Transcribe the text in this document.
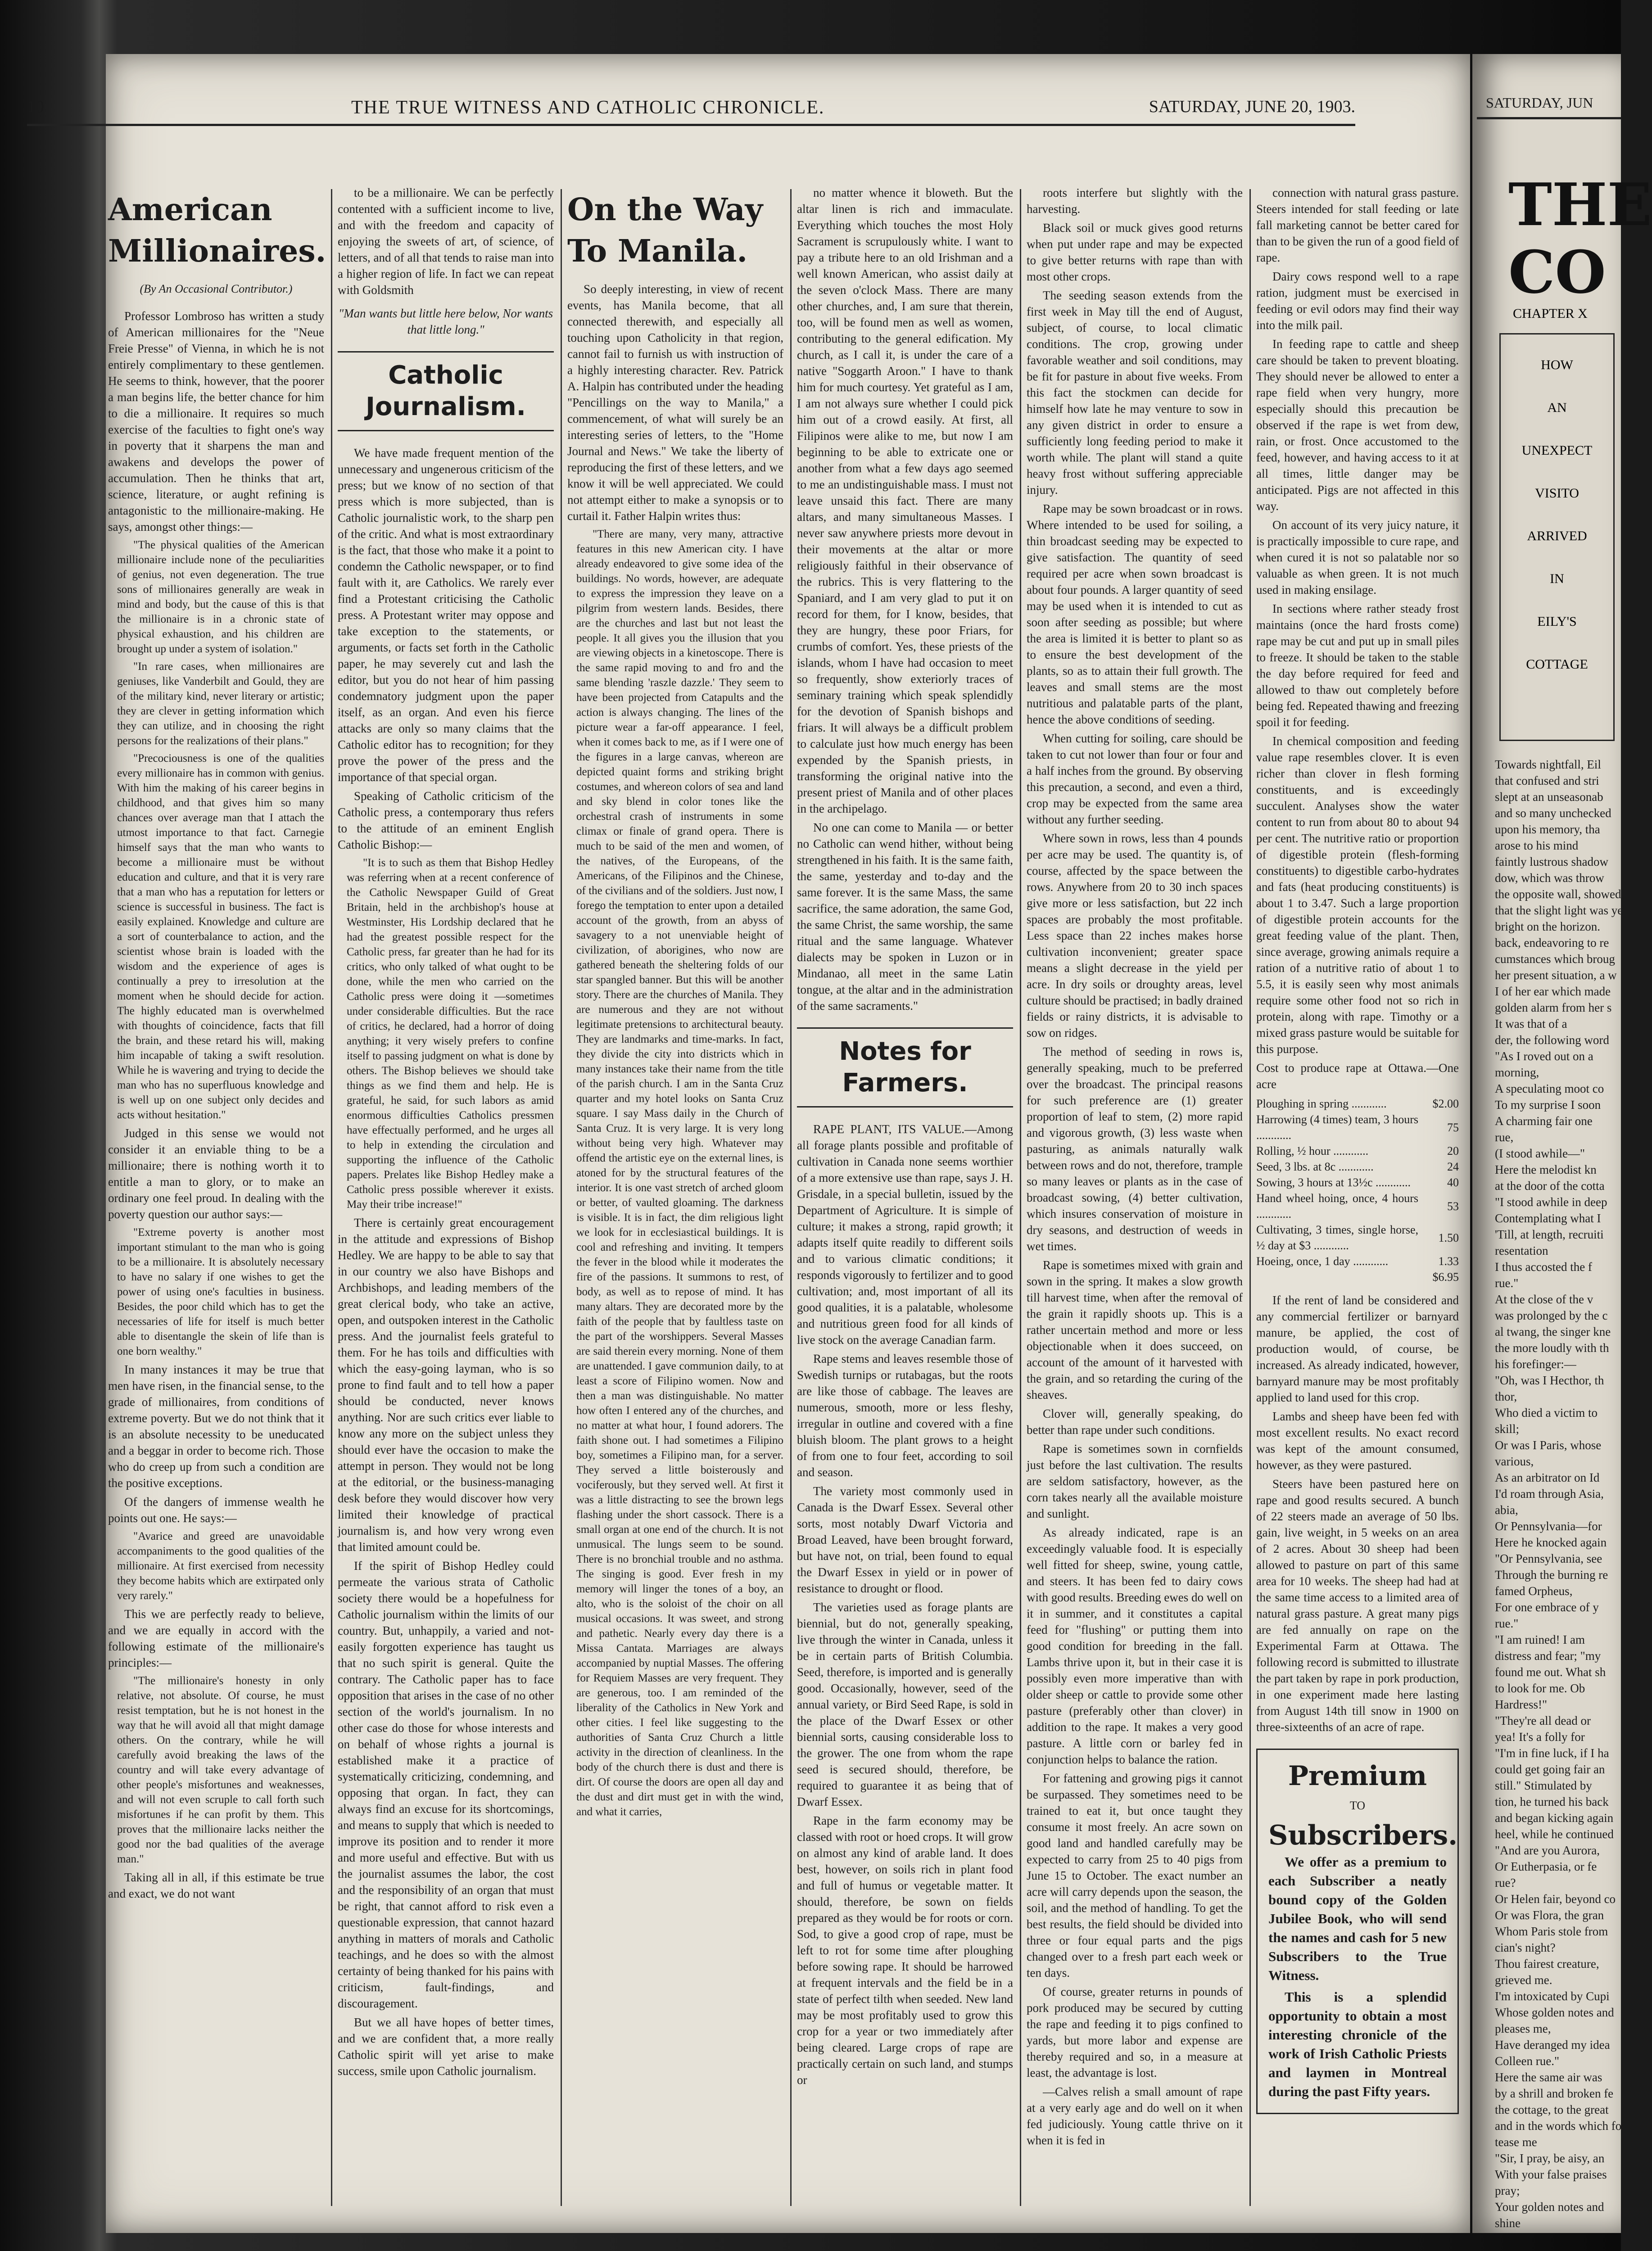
10	THE TRUE WITNESS AND CATHOLIC CHRONICLE.	SATURDAY, JUNE 20, 1903.
American Millionaires.
(By An Occasional Contributor.)

Professor Lombroso has written a study of American millionaires for the "Neue Freie Presse" of Vienna, in which he is not entirely complimentary to these gentlemen. He seems to think, however, that the poorer a man begins life, the better chance for him to die a millionaire. It requires so much exercise of the faculties to fight one's way in poverty that it sharpens the man and awakens and develops the power of accumulation. Then he thinks that art, science, literature, or aught refining is antagonistic to the millionaire-making. He says, amongst other things:—

"The physical qualities of the American millionaire include none of the peculiarities of genius, not even degeneration. The true sons of millionaires generally are weak in mind and body, but the cause of this is that the millionaire is in a chronic state of physical exhaustion, and his children are brought up under a system of isolation."

"In rare cases, when millionaires are geniuses, like Vanderbilt and Gould, they are of the military kind, never literary or artistic; they are clever in getting information which they can utilize, and in choosing the right persons for the realizations of their plans."

"Precociousness is one of the qualities every millionaire has in common with genius. With him the making of his career begins in childhood, and that gives him so many chances over average man that I attach the utmost importance to that fact. Carnegie himself says that the man who wants to become a millionaire must be without education and culture, and that it is very rare that a man who has a reputation for letters or science is successful in business. The fact is easily explained. Knowledge and culture are a sort of counterbalance to action, and the scientist whose brain is loaded with the wisdom and the experience of ages is continually a prey to irresolution at the moment when he should decide for action. The highly educated man is overwhelmed with thoughts of coincidence, facts that fill the brain, and these retard his will, making him incapable of taking a swift resolution. While he is wavering and trying to decide the man who has no superfluous knowledge and is well up on one subject only decides and acts without hesitation."

Judged in this sense we would not consider it an enviable thing to be a millionaire; there is nothing worth it to entitle a man to glory, or to make an ordinary one feel proud. In dealing with the poverty question our author says:—

"Extreme poverty is another most important stimulant to the man who is going to be a millionaire. It is absolutely necessary to have no salary if one wishes to get the power of using one's faculties in business. Besides, the poor child which has to get the necessaries of life for itself is much better able to disentangle the skein of life than is one born wealthy."

In many instances it may be true that men have risen, in the financial sense, to the grade of millionaires, from conditions of extreme poverty. But we do not think that it is an absolute necessity to be uneducated and a beggar in order to become rich. Those who do creep up from such a condition are the positive exceptions.

Of the dangers of immense wealth he points out one. He says:—

"Avarice and greed are unavoidable accompaniments to the good qualities of the millionaire. At first exercised from necessity they become habits which are extirpated only very rarely."

This we are perfectly ready to believe, and we are equally in accord with the following estimate of the millionaire's principles:—

"The millionaire's honesty in only relative, not absolute. Of course, he must resist temptation, but he is not honest in the way that he will avoid all that might damage others. On the contrary, while he will carefully avoid breaking the laws of the country and will take every advantage of other people's misfortunes and weaknesses, and will not even scruple to call forth such misfortunes if he can profit by them. This proves that the millionaire lacks neither the good nor the bad qualities of the average man."

Taking all in all, if this estimate be true and exact, we do not want

to be a millionaire. We can be perfectly contented with a sufficient income to live, and with the freedom and capacity of enjoying the sweets of art, of science, of letters, and of all that tends to raise man into a higher region of life. In fact we can repeat with Goldsmith

"Man wants but little here below, Nor wants that little long."
Catholic Journalism.

We have made frequent mention of the unnecessary and ungenerous criticism of the press; but we know of no section of that press which is more subjected, than is Catholic journalistic work, to the sharp pen of the critic. And what is most extraordinary is the fact, that those who make it a point to condemn the Catholic newspaper, or to find fault with it, are Catholics. We rarely ever find a Protestant criticising the Catholic press. A Protestant writer may oppose and take exception to the statements, or arguments, or facts set forth in the Catholic paper, he may severely cut and lash the editor, but you do not hear of him passing condemnatory judgment upon the paper itself, as an organ. And even his fierce attacks are only so many claims that the Catholic editor has to recognition; for they prove the power of the press and the importance of that special organ.

Speaking of Catholic criticism of the Catholic press, a contemporary thus refers to the attitude of an eminent English Catholic Bishop:—

"It is to such as them that Bishop Hedley was referring when at a recent conference of the Catholic Newspaper Guild of Great Britain, held in the archbishop's house at Westminster, His Lordship declared that he had the greatest possible respect for the Catholic press, far greater than he had for its critics, who only talked of what ought to be done, while the men who carried on the Catholic press were doing it —sometimes under considerable difficulties. But the race of critics, he declared, had a horror of doing anything; it very wisely prefers to confine itself to passing judgment on what is done by others. The Bishop believes we should take things as we find them and help. He is grateful, he said, for such labors as amid enormous difficulties Catholics pressmen have effectually performed, and he urges all to help in extending the circulation and supporting the influence of the Catholic papers. Prelates like Bishop Hedley make a Catholic press possible wherever it exists. May their tribe increase!"

There is certainly great encouragement in the attitude and expressions of Bishop Hedley. We are happy to be able to say that in our country we also have Bishops and Archbishops, and leading members of the great clerical body, who take an active, open, and outspoken interest in the Catholic press. And the journalist feels grateful to them. For he has toils and difficulties with which the easy-going layman, who is so prone to find fault and to tell how a paper should be conducted, never knows anything. Nor are such critics ever liable to know any more on the subject unless they should ever have the occasion to make the attempt in person. They would not be long at the editorial, or the business-managing desk before they would discover how very limited their knowledge of practical journalism is, and how very wrong even that limited amount could be.

If the spirit of Bishop Hedley could permeate the various strata of Catholic society there would be a hopefulness for Catholic journalism within the limits of our country. But, unhappily, a varied and not-easily forgotten experience has taught us that no such spirit is general. Quite the contrary. The Catholic paper has to face opposition that arises in the case of no other section of the world's journalism. In no other case do those for whose interests and on behalf of whose rights a journal is established make it a practice of systematically criticizing, condemning, and opposing that organ. In fact, they can always find an excuse for its shortcomings, and means to supply that which is needed to improve its position and to render it more and more useful and effective. But with us the journalist assumes the labor, the cost and the responsibility of an organ that must be right, that cannot afford to risk even a questionable expression, that cannot hazard anything in matters of morals and Catholic teachings, and he does so with the almost certainty of being thanked for his pains with criticism, fault-findings, and discouragement.

But we all have hopes of better times, and we are confident that, a more really Catholic spirit will yet arise to make success, smile upon Catholic journalism.

On the Way To Manila.

So deeply interesting, in view of recent events, has Manila become, that all connected therewith, and especially all touching upon Catholicity in that region, cannot fail to furnish us with instruction of a highly interesting character. Rev. Patrick A. Halpin has contributed under the heading "Pencillings on the way to Manila," a commencement, of what will surely be an interesting series of letters, to the "Home Journal and News." We take the liberty of reproducing the first of these letters, and we know it will be well appreciated. We could not attempt either to make a synopsis or to curtail it. Father Halpin writes thus:

"There are many, very many, attractive features in this new American city. I have already endeavored to give some idea of the buildings. No words, however, are adequate to express the impression they leave on a pilgrim from western lands. Besides, there are the churches and last but not least the people. It all gives you the illusion that you are viewing objects in a kinetoscope. There is the same rapid moving to and fro and the same blending 'raszle dazzle.' They seem to have been projected from Catapults and the action is always changing. The lines of the picture wear a far-off appearance. I feel, when it comes back to me, as if I were one of the figures in a large canvas, whereon are depicted quaint forms and striking bright costumes, and whereon colors of sea and land and sky blend in color tones like the orchestral crash of instruments in some climax or finale of grand opera. There is much to be said of the men and women, of the natives, of the Europeans, of the Americans, of the Filipinos and the Chinese, of the civilians and of the soldiers. Just now, I forego the temptation to enter upon a detailed account of the growth, from an abyss of savagery to a not unenviable height of civilization, of aborigines, who now are gathered beneath the sheltering folds of our star spangled banner. But this will be another story. There are the churches of Manila. They are numerous and they are not without legitimate pretensions to architectural beauty. They are landmarks and time-marks. In fact, they divide the city into districts which in many instances take their name from the title of the parish church. I am in the Santa Cruz quarter and my hotel looks on Santa Cruz square. I say Mass daily in the Church of Santa Cruz. It is very large. It is very long without being very high. Whatever may offend the artistic eye on the external lines, is atoned for by the structural features of the interior. It is one vast stretch of arched gloom or better, of vaulted gloaming. The darkness is visible. It is in fact, the dim religious light we look for in ecclesiastical buildings. It is cool and refreshing and inviting. It tempers the fever in the blood while it moderates the fire of the passions. It summons to rest, of body, as well as to repose of mind. It has many altars. They are decorated more by the faith of the people that by faultless taste on the part of the worshippers. Several Masses are said therein every morning. None of them are unattended. I gave communion daily, to at least a score of Filipino women. Now and then a man was distinguishable. No matter how often I entered any of the churches, and no matter at what hour, I found adorers. The faith shone out. I had sometimes a Filipino boy, sometimes a Filipino man, for a server. They served a little boisterously and vociferously, but they served well. At first it was a little distracting to see the brown legs flashing under the short cassock. There is a small organ at one end of the church. It is not unmusical. The lungs seem to be sound. There is no bronchial trouble and no asthma. The singing is good. Ever fresh in my memory will linger the tones of a boy, an alto, who is the soloist of the choir on all musical occasions. It was sweet, and strong and pathetic. Nearly every day there is a Missa Cantata. Marriages are always accompanied by nuptial Masses. The offering for Requiem Masses are very frequent. They are generous, too. I am reminded of the liberality of the Catholics in New York and other cities. I feel like suggesting to the authorities of Santa Cruz Church a little activity in the direction of cleanliness. In the body of the church there is dust and there is dirt. Of course the doors are open all day and the dust and dirt must get in with the wind, and what it carries,

no matter whence it bloweth. But the altar linen is rich and immaculate. Everything which touches the most Holy Sacrament is scrupulously white. I want to pay a tribute here to an old Irishman and a well known American, who assist daily at the seven o'clock Mass. There are many other churches, and, I am sure that therein, too, will be found men as well as women, contributing to the general edification. My church, as I call it, is under the care of a native "Soggarth Aroon." I have to thank him for much courtesy. Yet grateful as I am, I am not always sure whether I could pick him out of a crowd easily. At first, all Filipinos were alike to me, but now I am beginning to be able to extricate one or another from what a few days ago seemed to me an undistinguishable mass. I must not leave unsaid this fact. There are many altars, and many simultaneous Masses. I never saw anywhere priests more devout in their movements at the altar or more religiously faithful in their observance of the rubrics. This is very flattering to the Spaniard, and I am very glad to put it on record for them, for I know, besides, that they are hungry, these poor Friars, for crumbs of comfort. Yes, these priests of the islands, whom I have had occasion to meet so frequently, show exteriorly traces of seminary training which speak splendidly for the devotion of Spanish bishops and friars. It will always be a difficult problem to calculate just how much energy has been expended by the Spanish priests, in transforming the original native into the present priest of Manila and of other places in the archipelago.

No one can come to Manila — or better no Catholic can wend hither, without being strengthened in his faith. It is the same faith, the same, yesterday and to-day and the same forever. It is the same Mass, the same sacrifice, the same adoration, the same God, the same Christ, the same worship, the same ritual and the same language. Whatever dialects may be spoken in Luzon or in Mindanao, all meet in the same Latin tongue, at the altar and in the administration of the same sacraments."

Notes for Farmers.

RAPE PLANT, ITS VALUE.—Among all forage plants possible and profitable of cultivation in Canada none seems worthier of a more extensive use than rape, says J. H. Grisdale, in a special bulletin, issued by the Department of Agriculture. It is simple of culture; it makes a strong, rapid growth; it adapts itself quite readily to different soils and to various climatic conditions; it responds vigorously to fertilizer and to good cultivation; and, most important of all its good qualities, it is a palatable, wholesome and nutritious green food for all kinds of live stock on the average Canadian farm.

Rape stems and leaves resemble those of Swedish turnips or rutabagas, but the roots are like those of cabbage. The leaves are numerous, smooth, more or less fleshy, irregular in outline and covered with a fine bluish bloom. The plant grows to a height of from one to four feet, according to soil and season.

The variety most commonly used in Canada is the Dwarf Essex. Several other sorts, most notably Dwarf Victoria and Broad Leaved, have been brought forward, but have not, on trial, been found to equal the Dwarf Essex in yield or in power of resistance to drought or flood.

The varieties used as forage plants are biennial, but do not, generally speaking, live through the winter in Canada, unless it be in certain parts of British Columbia. Seed, therefore, is imported and is generally good. Occasionally, however, seed of the annual variety, or Bird Seed Rape, is sold in the place of the Dwarf Essex or other biennial sorts, causing considerable loss to the grower. The one from whom the rape seed is secured should, therefore, be required to guarantee it as being that of Dwarf Essex.

Rape in the farm economy may be classed with root or hoed crops. It will grow on almost any kind of arable land. It does best, however, on soils rich in plant food and full of humus or vegetable matter. It should, therefore, be sown on fields prepared as they would be for roots or corn. Sod, to give a good crop of rape, must be left to rot for some time after ploughing before sowing rape. It should be harrowed at frequent intervals and the field be in a state of perfect tilth when seeded. New land may be most profitably used to grow this crop for a year or two immediately after being cleared. Large crops of rape are practically certain on such land, and stumps or

roots interfere but slightly with the harvesting.

Black soil or muck gives good returns when put under rape and may be expected to give better returns with rape than with most other crops.

The seeding season extends from the first week in May till the end of August, subject, of course, to local climatic conditions. The crop, growing under favorable weather and soil conditions, may be fit for pasture in about five weeks. From this fact the stockmen can decide for himself how late he may venture to sow in any given district in order to ensure a sufficiently long feeding period to make it worth while. The plant will stand a quite heavy frost without suffering appreciable injury.

Rape may be sown broadcast or in rows. Where intended to be used for soiling, a thin broadcast seeding may be expected to give satisfaction. The quantity of seed required per acre when sown broadcast is about four pounds. A larger quantity of seed may be used when it is intended to cut as soon after seeding as possible; but where the area is limited it is better to plant so as to ensure the best development of the plants, so as to attain their full growth. The leaves and small stems are the most nutritious and palatable parts of the plant, hence the above conditions of seeding.

When cutting for soiling, care should be taken to cut not lower than four or four and a half inches from the ground. By observing this precaution, a second, and even a third, crop may be expected from the same area without any further seeding.

Where sown in rows, less than 4 pounds per acre may be used. The quantity is, of course, affected by the space between the rows. Anywhere from 20 to 30 inch spaces give more or less satisfaction, but 22 inch spaces are probably the most profitable. Less space than 22 inches makes horse cultivation inconvenient; greater space means a slight decrease in the yield per acre. In dry soils or droughty areas, level culture should be practised; in badly drained fields or rainy districts, it is advisable to sow on ridges.

The method of seeding in rows is, generally speaking, much to be preferred over the broadcast. The principal reasons for such preference are (1) greater proportion of leaf to stem, (2) more rapid and vigorous growth, (3) less waste when pasturing, as animals naturally walk between rows and do not, therefore, trample so many leaves or plants as in the case of broadcast sowing, (4) better cultivation, which insures conservation of moisture in dry seasons, and destruction of weeds in wet times.

Rape is sometimes mixed with grain and sown in the spring. It makes a slow growth till harvest time, when after the removal of the grain it rapidly shoots up. This is a rather uncertain method and more or less objectionable when it does succeed, on account of the amount of it harvested with the grain, and so retarding the curing of the sheaves.

Clover will, generally speaking, do better than rape under such conditions.

Rape is sometimes sown in cornfields just before the last cultivation. The results are seldom satisfactory, however, as the corn takes nearly all the available moisture and sunlight.

As already indicated, rape is an exceedingly valuable food. It is especially well fitted for sheep, swine, young cattle, and steers. It has been fed to dairy cows with good results. Breeding ewes do well on it in summer, and it constitutes a capital feed for "flushing" or putting them into good condition for breeding in the fall. Lambs thrive upon it, but in their case it is possibly even more imperative than with older sheep or cattle to provide some other pasture (preferably other than clover) in addition to the rape. It makes a very good pasture. A little corn or barley fed in conjunction helps to balance the ration.

For fattening and growing pigs it cannot be surpassed. They sometimes need to be trained to eat it, but once taught they consume it most freely. An acre sown on good land and handled carefully may be expected to carry from 25 to 40 pigs from June 15 to October. The exact number an acre will carry depends upon the season, the soil, and the method of handling. To get the best results, the field should be divided into three or four equal parts and the pigs changed over to a fresh part each week or ten days.

Of course, greater returns in pounds of pork produced may be secured by cutting the rape and feeding it to pigs confined to yards, but more labor and expense are thereby required and so, in a measure at least, the advantage is lost.

—Calves relish a small amount of rape at a very early age and do well on it when fed judiciously. Young cattle thrive on it when it is fed in

connection with natural grass pasture. Steers intended for stall feeding or late fall marketing cannot be better cared for than to be given the run of a good field of rape.

Dairy cows respond well to a rape ration, judgment must be exercised in feeding or evil odors may find their way into the milk pail.

In feeding rape to cattle and sheep care should be taken to prevent bloating. They should never be allowed to enter a rape field when very hungry, more especially should this precaution be observed if the rape is wet from dew, rain, or frost. Once accustomed to the feed, however, and having access to it at all times, little danger may be anticipated. Pigs are not affected in this way.

On account of its very juicy nature, it is practically impossible to cure rape, and when cured it is not so palatable nor so valuable as when green. It is not much used in making ensilage.

In sections where rather steady frost maintains (once the hard frosts come) rape may be cut and put up in small piles to freeze. It should be taken to the stable the day before required for feed and allowed to thaw out completely before being fed. Repeated thawing and freezing spoil it for feeding.

In chemical composition and feeding value rape resembles clover. It is even richer than clover in flesh forming constituents, and is exceedingly succulent. Analyses show the water content to run from about 80 to about 94 per cent. The nutritive ratio or proportion of digestible protein (flesh-forming constituents) to digestible carbo-hydrates and fats (heat producing constituents) is about 1 to 3.47. Such a large proportion of digestible protein accounts for the great feeding value of the plant. Then, since average, growing animals require a ration of a nutritive ratio of about 1 to 5.5, it is easily seen why most animals require some other food not so rich in protein, along with rape. Timothy or a mixed grass pasture would be suitable for this purpose.

Cost to produce rape at Ottawa.—One acre
Ploughing in spring ............	$2.00
Harrowing (4 times) team, 3 hours ............	75
Rolling, ½ hour ............	20
Seed, 3 lbs. at 8c ............	24
Sowing, 3 hours at 13½c ............	40
Hand wheel hoing, once, 4 hours ............	53
Cultivating, 3 times, single horse, ½ day at $3 ............	1.50
Hoeing, once, 1 day ............	1.33
	$6.95

If the rent of land be considered and any commercial fertilizer or barnyard manure, be applied, the cost of production would, of course, be increased. As already indicated, however, barnyard manure may be most profitably applied to land used for this crop.

Lambs and sheep have been fed with most excellent results. No exact record was kept of the amount consumed, however, as they were pastured.

Steers have been pastured here on rape and good results secured. A bunch of 22 steers made an average of 50 lbs. gain, live weight, in 5 weeks on an area of 2 acres. About 30 sheep had been allowed to pasture on part of this same area for 10 weeks. The sheep had had at the same time access to a limited area of natural grass pasture. A great many pigs are fed annually on rape on the Experimental Farm at Ottawa. The following record is submitted to illustrate the part taken by rape in pork production, in one experiment made here lasting from August 14th till snow in 1900 on three-sixteenths of an acre of rape.

Premium
TO
Subscribers.

We offer as a premium to each Subscriber a neatly bound copy of the Golden Jubilee Book, who will send the names and cash for 5 new Subscribers to the True Witness.

This is a splendid opportunity to obtain a most interesting chronicle of the work of Irish Catholic Priests and laymen in Montreal during the past Fifty years.

SATURDAY, JUN
THE CO
CHAPTER X
HOW
AN
UNEXPECT
VISITO
ARRIVED
IN
EILY'S
COTTAGE
Towards nightfall, Eil
that confused and stri
slept at an unseasonab
and so many unchecked
upon his memory, tha
arose to his mind
faintly lustrous shadow
dow, which was throw
the opposite wall, showed
that the slight light was ye
bright on the horizon.
back, endeavoring to re
cumstances which broug
her present situation, a w
I of her ear which made
golden alarm from her s
It was that of a
der, the following word
"As I roved out on a
morning,
A speculating moot co
To my surprise I soon
A charming fair one
rue,
(I stood awhile—"
Here the melodist kn
at the door of the cotta
"I stood awhile in deep
Contemplating what I
'Till, at length, recruiti
resentation
I thus accosted the f
rue."
At the close of the v
was prolonged by the c
al twang, the singer kne
the more loudly with th
his forefinger:—
"Oh, was I Hecthor, th
thor,
Who died a victim to
skill;
Or was I Paris, whose
various,
As an arbitrator on Id
I'd roam through Asia,
abia,
Or Pennsylvania—for
Here he knocked again
"Or Pennsylvania, see
Through the burning re
famed Orpheus,
For one embrace of y
rue."
"I am ruined! I am
distress and fear; "my
found me out. What sh
to look for me. Ob
Hardress!"
"They're all dead or
yea! It's a folly for
"I'm in fine luck, if I ha
could get going fair an
still." Stimulated by
tion, he turned his back
and began kicking again
heel, while he continued
"And are you Aurora,
Or Eutherpasia, or fe
rue?
Or Helen fair, beyond co
Or was Flora, the gran
Whom Paris stole from
cian's night?
Thou fairest creature,
grieved me.
I'm intoxicated by Cupi
Whose golden notes and
pleases me,
Have deranged my idea
Colleen rue."
Here the same air was
by a shrill and broken fe
the cottage, to the great
and in the words which fo
tease me
"Sir, I pray, be aisy, an
With your false praises
pray;
Your golden notes and
shine
